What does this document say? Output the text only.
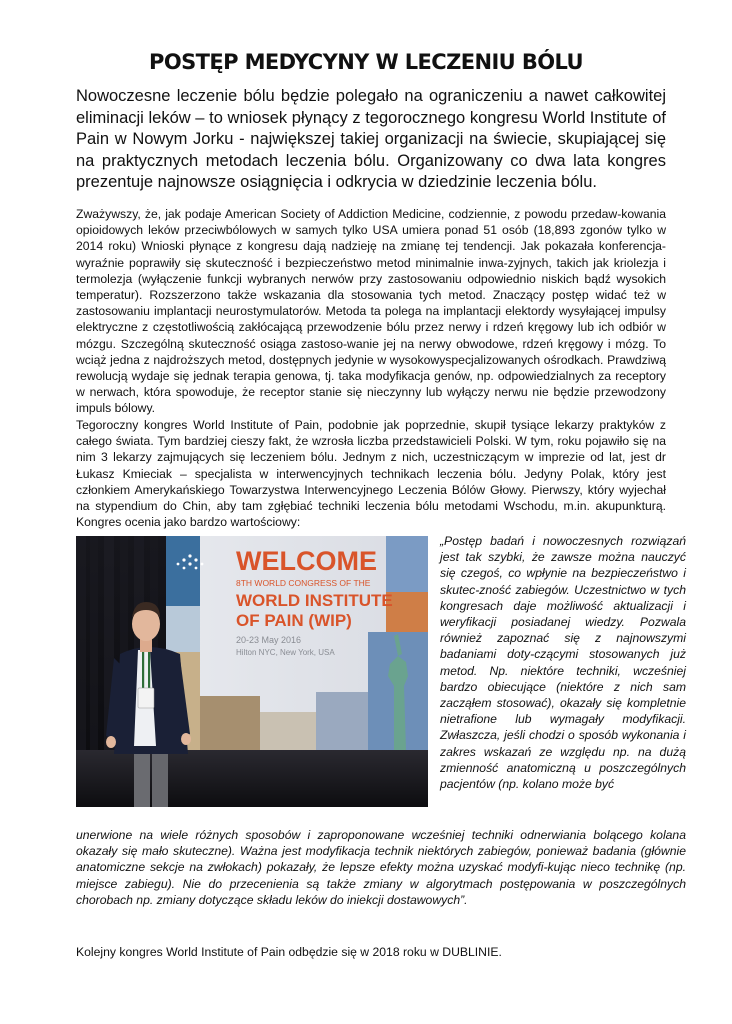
POSTĘP MEDYCYNY W LECZENIU BÓLU

Nowoczesne leczenie bólu będzie polegało na ograniczeniu a nawet całkowitej eliminacji leków – to wniosek płynący z tegorocznego kongresu World Institute of Pain w Nowym Jorku - największej takiej organizacji na świecie, skupiającej się na praktycznych metodach leczenia bólu. Organizowany co dwa lata kongres prezentuje najnowsze osiągnięcia i odkrycia w dziedzinie leczenia bólu.

Zważywszy, że, jak podaje American Society of Addiction Medicine, codziennie, z powodu przedaw-kowania opioidowych leków przeciwbólowych w samych tylko USA umiera ponad 51 osób (18,893 zgonów tylko w 2014 roku) Wnioski płynące z kongresu dają nadzieję na zmianę tej tendencji. Jak pokazała konferencja- wyraźnie poprawiły się skuteczność i bezpieczeństwo metod minimalnie inwa-zyjnych, takich jak kriolezja i termolezja (wyłączenie funkcji wybranych nerwów przy zastosowaniu odpowiednio niskich bądź wysokich temperatur). Rozszerzono także wskazania dla stosowania tych metod. Znaczący postęp widać też w zastosowaniu implantacji neurostymulatorów. Metoda ta polega na implantacji elektordy wysyłającej impulsy elektryczne z częstotliwością zakłócającą przewodzenie bólu przez nerwy i rdzeń kręgowy lub ich odbiór w mózgu. Szczególną skuteczność osiąga zastoso-wanie jej na nerwy obwodowe, rdzeń kręgowy i mózg. To wciąż jedna z najdroższych metod, dostępnych jedynie w wysokowyspecjalizowanych ośrodkach. Prawdziwą rewolucją wydaje się jednak terapia genowa, tj. taka modyfikacja genów, np. odpowiedzialnych za receptory w nerwach, która spowoduje, że receptor stanie się nieczynny lub wyłączy nerwu nie będzie przewodzony impuls bólowy.

Tegoroczny kongres World Institute of Pain, podobnie jak poprzednie, skupił tysiące lekarzy praktyków z całego świata. Tym bardziej cieszy fakt, że wzrosła liczba przedstawicieli Polski. W tym, roku pojawiło się na nim 3 lekarzy zajmujących się leczeniem bólu. Jednym z nich, uczestniczącym w imprezie od lat, jest dr Łukasz Kmieciak – specjalista w interwencyjnych technikach leczenia bólu. Jedyny Polak, który jest członkiem Amerykańskiego Towarzystwa Interwencyjnego Leczenia Bólów Głowy. Pierwszy, który wyjechał na stypendium do Chin, aby tam zgłębiać techniki leczenia bólu metodami Wschodu, m.in. akupunkturą. Kongres ocenia jako bardzo wartościowy:

WELCOME
8TH WORLD CONGRESS OF THE
WORLD INSTITUTE
OF PAIN (WIP)
20-23 May 2016
Hilton NYC, New York, USA

„Postęp badań i nowoczesnych rozwiązań jest tak szybki, że zawsze można nauczyć się czegoś, co wpłynie na bezpieczeństwo i skutec-zność zabiegów. Uczestnictwo w tych kongresach daje możliwość aktualizacji i weryfikacji posiadanej wiedzy. Pozwala również zapoznać się z najnowszymi badaniami doty-czącymi stosowanych już metod. Np. niektóre techniki, wcześniej bardzo obiecujące (niektóre z nich sam zacząłem stosować), okazały się kompletnie nietrafione lub wymagały modyfikacji. Zwłaszcza, jeśli chodzi o sposób wykonania i zakres wskazań ze względu np. na dużą zmienność anatomiczną u poszczególnych pacjentów (np. kolano może być

unerwione na wiele różnych sposobów i zaproponowane wcześniej techniki odnerwiania bolącego kolana okazały się mało skuteczne). Ważna jest modyfikacja technik niektórych zabiegów, ponieważ badania (głównie anatomiczne sekcje na zwłokach) pokazały, że lepsze efekty można uzyskać modyfi-kując nieco technikę (np. miejsce zabiegu). Nie do przecenienia są także zmiany w algorytmach postępowania w poszczególnych chorobach np. zmiany dotyczące składu leków do iniekcji dostawowych”.

Kolejny kongres World Institute of Pain odbędzie się w 2018 roku w DUBLINIE.
